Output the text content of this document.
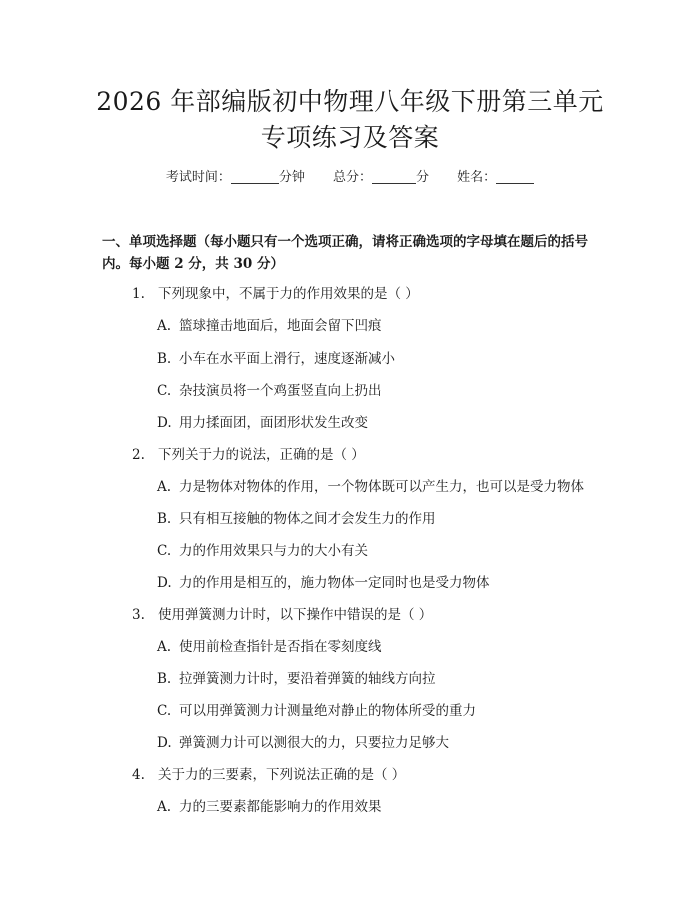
2026 年部编版初中物理八年级下册第三单元
专项练习及答案
考试时间：	分钟 总分：	分 姓名：
一、单项选择题（每小题只有一个选项正确，请将正确选项的字母填在题后的括号内。每小题 2 分，共 30 分）
1. 下列现象中，不属于力的作用效果的是（ ）
A. 篮球撞击地面后，地面会留下凹痕
B. 小车在水平面上滑行，速度逐渐减小
C. 杂技演员将一个鸡蛋竖直向上扔出
D. 用力揉面团，面团形状发生改变
2. 下列关于力的说法，正确的是（ ）
A. 力是物体对物体的作用，一个物体既可以产生力，也可以是受力物体
B. 只有相互接触的物体之间才会发生力的作用
C. 力的作用效果只与力的大小有关
D. 力的作用是相互的，施力物体一定同时也是受力物体
3. 使用弹簧测力计时，以下操作中错误的是（ ）
A. 使用前检查指针是否指在零刻度线
B. 拉弹簧测力计时，要沿着弹簧的轴线方向拉
C. 可以用弹簧测力计测量绝对静止的物体所受的重力
D. 弹簧测力计可以测很大的力，只要拉力足够大
4. 关于力的三要素，下列说法正确的是（ ）
A. 力的三要素都能影响力的作用效果
